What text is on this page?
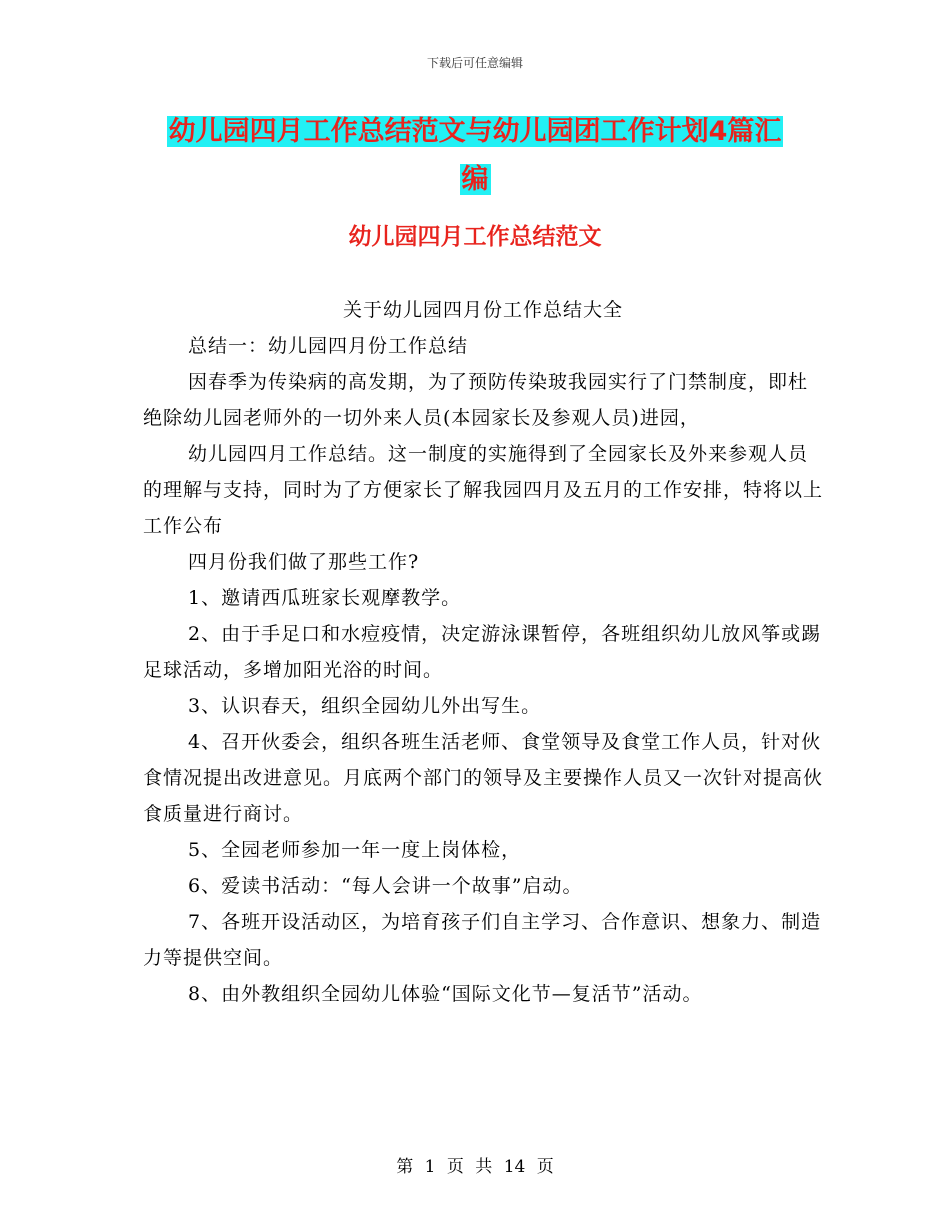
下载后可任意编辑
幼儿园四月工作总结范文与幼儿园团工作计划4篇汇
编
幼儿园四月工作总结范文

关于幼儿园四月份工作总结大全

总结一：幼儿园四月份工作总结

因春季为传染病的高发期，为了预防传染玻我园实行了门禁制度，即杜绝除幼儿园老师外的一切外来人员(本园家长及参观人员)进园，

幼儿园四月工作总结。这一制度的实施得到了全园家长及外来参观人员的理解与支持，同时为了方便家长了解我园四月及五月的工作安排，特将以上工作公布

四月份我们做了那些工作?

1、邀请西瓜班家长观摩教学。

2、由于手足口和水痘疫情，决定游泳课暂停，各班组织幼儿放风筝或踢足球活动，多增加阳光浴的时间。

3、认识春天，组织全园幼儿外出写生。

4、召开伙委会，组织各班生活老师、食堂领导及食堂工作人员，针对伙食情况提出改进意见。月底两个部门的领导及主要操作人员又一次针对提高伙食质量进行商讨。

5、全园老师参加一年一度上岗体检，

6、爱读书活动：“每人会讲一个故事”启动。

7、各班开设活动区，为培育孩子们自主学习、合作意识、想象力、制造力等提供空间。

8、由外教组织全园幼儿体验“国际文化节—复活节”活动。

第 1 页 共 14 页
